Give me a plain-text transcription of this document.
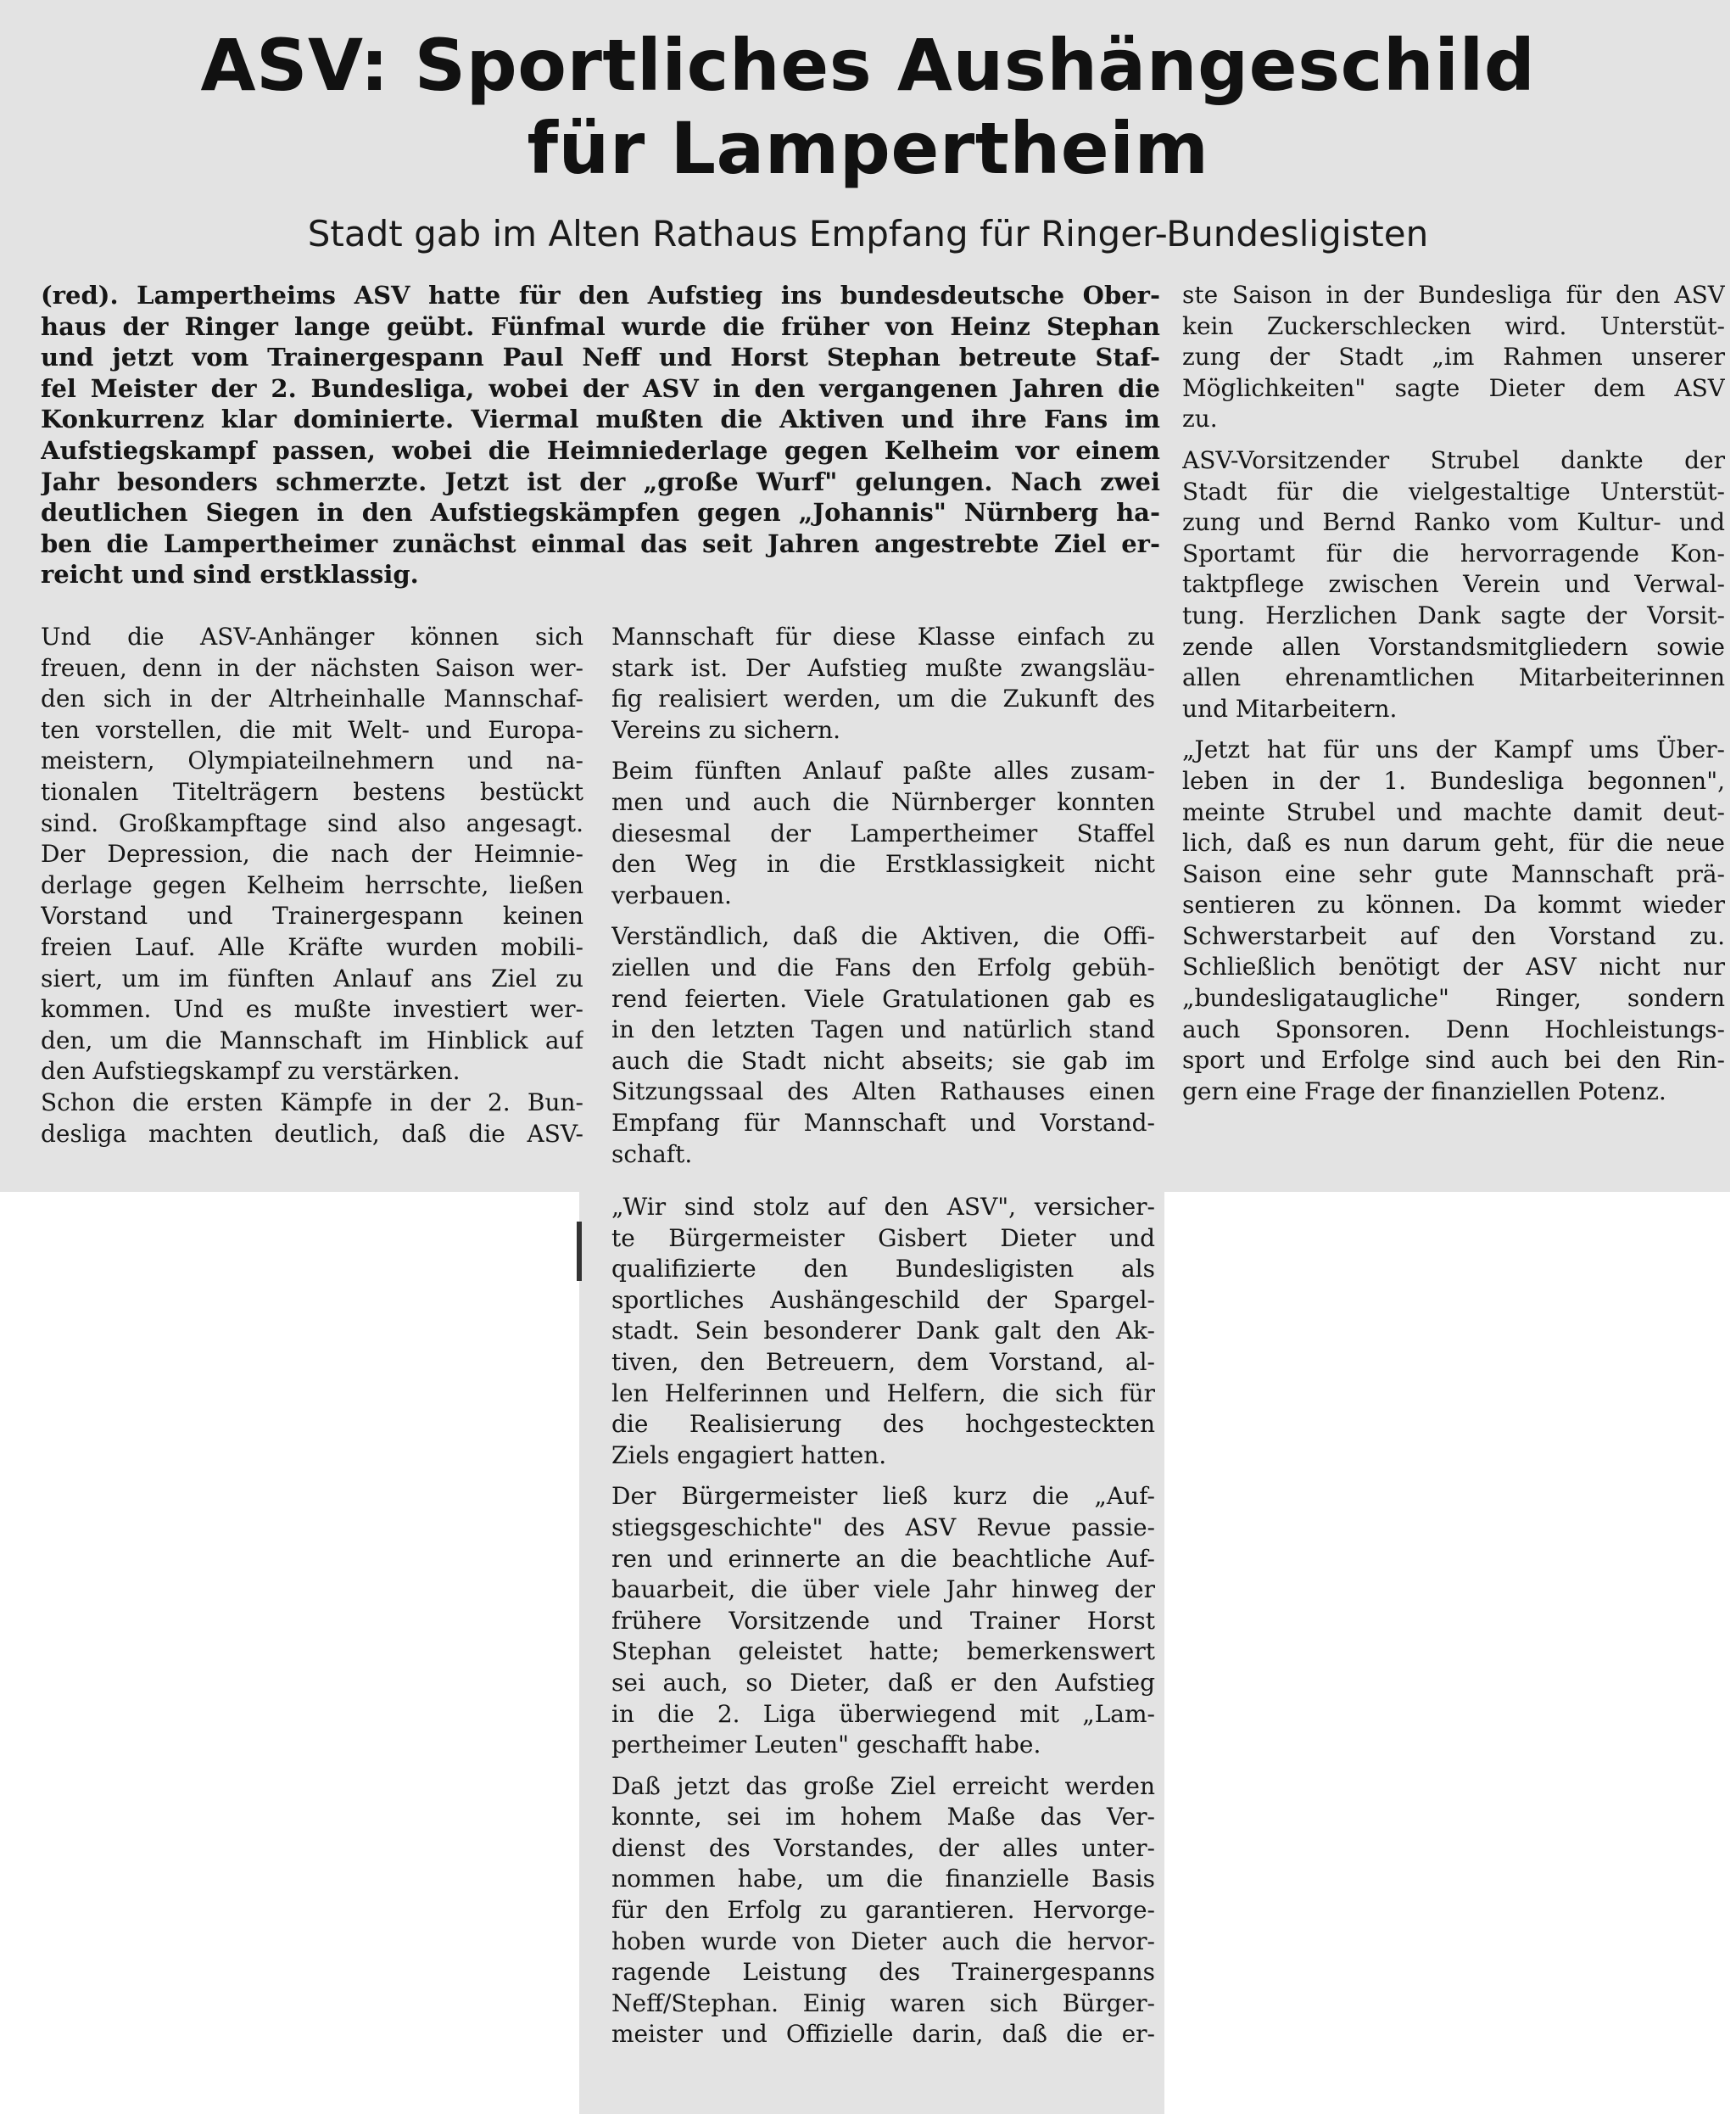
ASV: Sportliches Aushängeschild
für Lampertheim
Stadt gab im Alten Rathaus Empfang für Ringer-Bundesligisten
(red). Lampertheims ASV hatte für den Aufstieg ins bundesdeutsche Ober-
haus der Ringer lange geübt. Fünfmal wurde die früher von Heinz Stephan
und jetzt vom Trainergespann Paul Neff und Horst Stephan betreute Staf-
fel Meister der 2. Bundesliga, wobei der ASV in den vergangenen Jahren die
Konkurrenz klar dominierte. Viermal mußten die Aktiven und ihre Fans im
Aufstiegskampf passen, wobei die Heimniederlage gegen Kelheim vor einem
Jahr besonders schmerzte. Jetzt ist der „große Wurf" gelungen. Nach zwei
deutlichen Siegen in den Aufstiegskämpfen gegen „Johannis" Nürnberg ha-
ben die Lampertheimer zunächst einmal das seit Jahren angestrebte Ziel er-
reicht und sind erstklassig.
Und die ASV-Anhänger können sich
freuen, denn in der nächsten Saison wer-
den sich in der Altrheinhalle Mannschaf-
ten vorstellen, die mit Welt- und Europa-
meistern, Olympiateilnehmern und na-
tionalen Titelträgern bestens bestückt
sind. Großkampftage sind also angesagt.
Der Depression, die nach der Heimnie-
derlage gegen Kelheim herrschte, ließen
Vorstand und Trainergespann keinen
freien Lauf. Alle Kräfte wurden mobili-
siert, um im fünften Anlauf ans Ziel zu
kommen. Und es mußte investiert wer-
den, um die Mannschaft im Hinblick auf
den Aufstiegskampf zu verstärken.
Schon die ersten Kämpfe in der 2. Bun-
desliga machten deutlich, daß die ASV-
Mannschaft für diese Klasse einfach zu
stark ist. Der Aufstieg mußte zwangsläu-
fig realisiert werden, um die Zukunft des
Vereins zu sichern.
Beim fünften Anlauf paßte alles zusam-
men und auch die Nürnberger konnten
diesesmal der Lampertheimer Staffel
den Weg in die Erstklassigkeit nicht
verbauen.
Verständlich, daß die Aktiven, die Offi-
ziellen und die Fans den Erfolg gebüh-
rend feierten. Viele Gratulationen gab es
in den letzten Tagen und natürlich stand
auch die Stadt nicht abseits; sie gab im
Sitzungssaal des Alten Rathauses einen
Empfang für Mannschaft und Vorstand-
schaft.
„Wir sind stolz auf den ASV", versicher-
te Bürgermeister Gisbert Dieter und
qualifizierte den Bundesligisten als
sportliches Aushängeschild der Spargel-
stadt. Sein besonderer Dank galt den Ak-
tiven, den Betreuern, dem Vorstand, al-
len Helferinnen und Helfern, die sich für
die Realisierung des hochgesteckten
Ziels engagiert hatten.
Der Bürgermeister ließ kurz die „Auf-
stiegsgeschichte" des ASV Revue passie-
ren und erinnerte an die beachtliche Auf-
bauarbeit, die über viele Jahr hinweg der
frühere Vorsitzende und Trainer Horst
Stephan geleistet hatte; bemerkenswert
sei auch, so Dieter, daß er den Aufstieg
in die 2. Liga überwiegend mit „Lam-
pertheimer Leuten" geschafft habe.
Daß jetzt das große Ziel erreicht werden
konnte, sei im hohem Maße das Ver-
dienst des Vorstandes, der alles unter-
nommen habe, um die finanzielle Basis
für den Erfolg zu garantieren. Hervorge-
hoben wurde von Dieter auch die hervor-
ragende Leistung des Trainergespanns
Neff/Stephan. Einig waren sich Bürger-
meister und Offizielle darin, daß die er-
ste Saison in der Bundesliga für den ASV
kein Zuckerschlecken wird. Unterstüt-
zung der Stadt „im Rahmen unserer
Möglichkeiten" sagte Dieter dem ASV
zu.
ASV-Vorsitzender Strubel dankte der
Stadt für die vielgestaltige Unterstüt-
zung und Bernd Ranko vom Kultur- und
Sportamt für die hervorragende Kon-
taktpflege zwischen Verein und Verwal-
tung. Herzlichen Dank sagte der Vorsit-
zende allen Vorstandsmitgliedern sowie
allen ehrenamtlichen Mitarbeiterinnen
und Mitarbeitern.
„Jetzt hat für uns der Kampf ums Über-
leben in der 1. Bundesliga begonnen",
meinte Strubel und machte damit deut-
lich, daß es nun darum geht, für die neue
Saison eine sehr gute Mannschaft prä-
sentieren zu können. Da kommt wieder
Schwerstarbeit auf den Vorstand zu.
Schließlich benötigt der ASV nicht nur
„bundesligataugliche" Ringer, sondern
auch Sponsoren. Denn Hochleistungs-
sport und Erfolge sind auch bei den Rin-
gern eine Frage der finanziellen Potenz.
